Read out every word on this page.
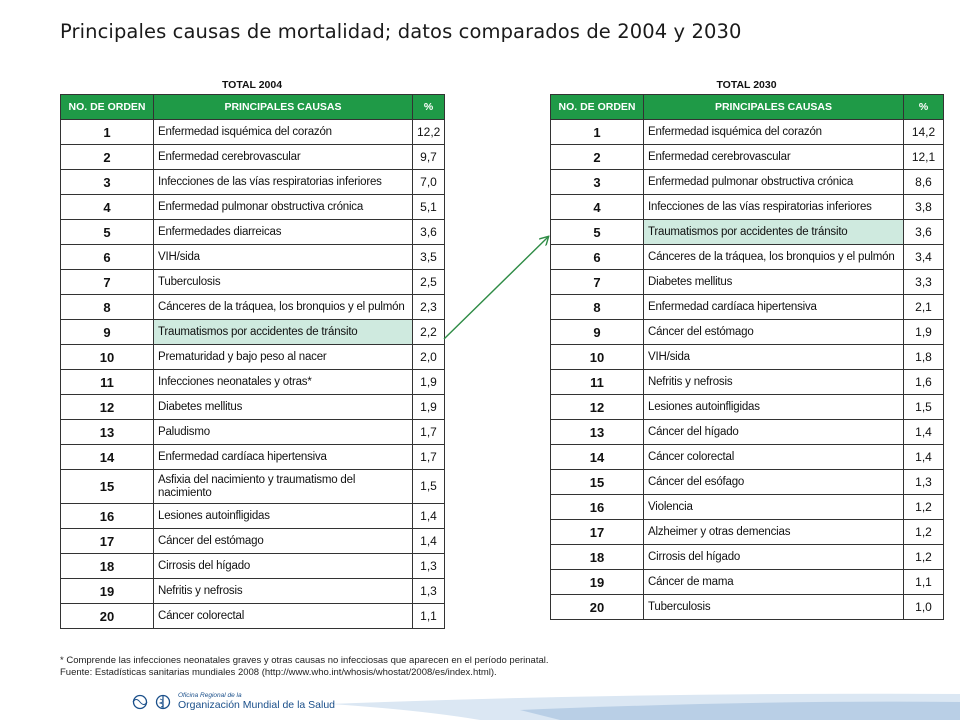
Principales causas de mortalidad; datos comparados de 2004 y 2030
TOTAL 2004
NO. DE ORDEN	PRINCIPALES CAUSAS	%
1	Enfermedad isquémica del corazón	12,2
2	Enfermedad cerebrovascular	9,7
3	Infecciones de las vías respiratorias inferiores	7,0
4	Enfermedad pulmonar obstructiva crónica	5,1
5	Enfermedades diarreicas	3,6
6	VIH/sida	3,5
7	Tuberculosis	2,5
8	Cánceres de la tráquea, los bronquios y el pulmón	2,3
9	Traumatismos por accidentes de tránsito	2,2
10	Prematuridad y bajo peso al nacer	2,0
11	Infecciones neonatales y otras*	1,9
12	Diabetes mellitus	1,9
13	Paludismo	1,7
14	Enfermedad cardíaca hipertensiva	1,7
15	Asfixia del nacimiento y traumatismo del nacimiento	1,5
16	Lesiones autoinfligidas	1,4
17	Cáncer del estómago	1,4
18	Cirrosis del hígado	1,3
19	Nefritis y nefrosis	1,3
20	Cáncer colorectal	1,1
TOTAL 2030
NO. DE ORDEN	PRINCIPALES CAUSAS	%
1	Enfermedad isquémica del corazón	14,2
2	Enfermedad cerebrovascular	12,1
3	Enfermedad pulmonar obstructiva crónica	8,6
4	Infecciones de las vías respiratorias inferiores	3,8
5	Traumatismos por accidentes de tránsito	3,6
6	Cánceres de la tráquea, los bronquios y el pulmón	3,4
7	Diabetes mellitus	3,3
8	Enfermedad cardíaca hipertensiva	2,1
9	Cáncer del estómago	1,9
10	VIH/sida	1,8
11	Nefritis y nefrosis	1,6
12	Lesiones autoinfligidas	1,5
13	Cáncer del hígado	1,4
14	Cáncer colorectal	1,4
15	Cáncer del esófago	1,3
16	Violencia	1,2
17	Alzheimer y otras demencias	1,2
18	Cirrosis del hígado	1,2
19	Cáncer de mama	1,1
20	Tuberculosis	1,0
* Comprende las infecciones neonatales graves y otras causas no infecciosas que aparecen en el período perinatal.
Fuente: Estadísticas sanitarias mundiales 2008 (http://www.who.int/whosis/whostat/2008/es/index.html).
Oficina Regional de la
Organización Mundial de la Salud
